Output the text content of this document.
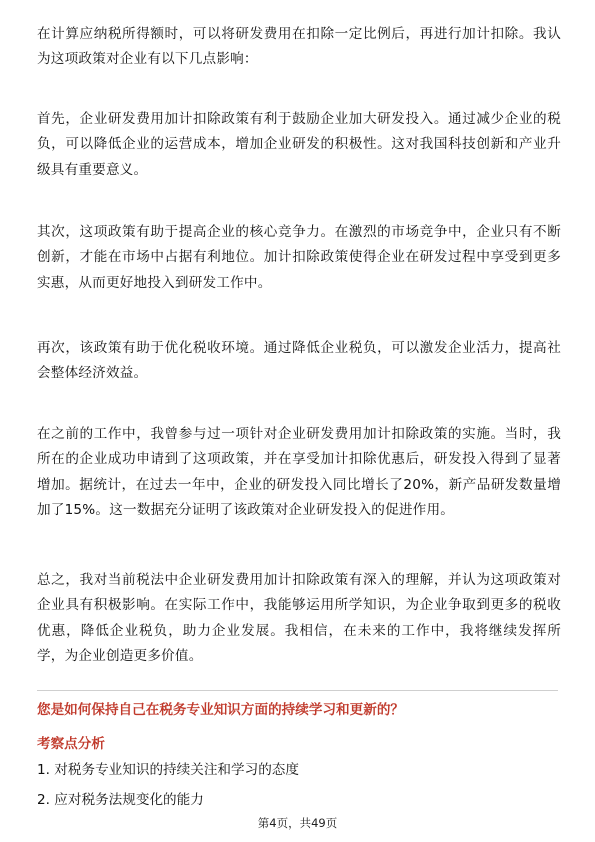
在计算应纳税所得额时，可以将研发费用在扣除一定比例后，再进行加计扣除。我认为这项政策对企业有以下几点影响：

首先，企业研发费用加计扣除政策有利于鼓励企业加大研发投入。通过减少企业的税负，可以降低企业的运营成本，增加企业研发的积极性。这对我国科技创新和产业升级具有重要意义。

其次，这项政策有助于提高企业的核心竞争力。在激烈的市场竞争中，企业只有不断创新，才能在市场中占据有利地位。加计扣除政策使得企业在研发过程中享受到更多实惠，从而更好地投入到研发工作中。

再次，该政策有助于优化税收环境。通过降低企业税负，可以激发企业活力，提高社会整体经济效益。

在之前的工作中，我曾参与过一项针对企业研发费用加计扣除政策的实施。当时，我所在的企业成功申请到了这项政策，并在享受加计扣除优惠后，研发投入得到了显著增加。据统计，在过去一年中，企业的研发投入同比增长了20%，新产品研发数量增加了15%。这一数据充分证明了该政策对企业研发投入的促进作用。

总之，我对当前税法中企业研发费用加计扣除政策有深入的理解，并认为这项政策对企业具有积极影响。在实际工作中，我能够运用所学知识，为企业争取到更多的税收优惠，降低企业税负，助力企业发展。我相信，在未来的工作中，我将继续发挥所学，为企业创造更多价值。

您是如何保持自己在税务专业知识方面的持续学习和更新的？

考察点分析

1. 对税务专业知识的持续关注和学习的态度

2. 应对税务法规变化的能力

第4页，共49页
